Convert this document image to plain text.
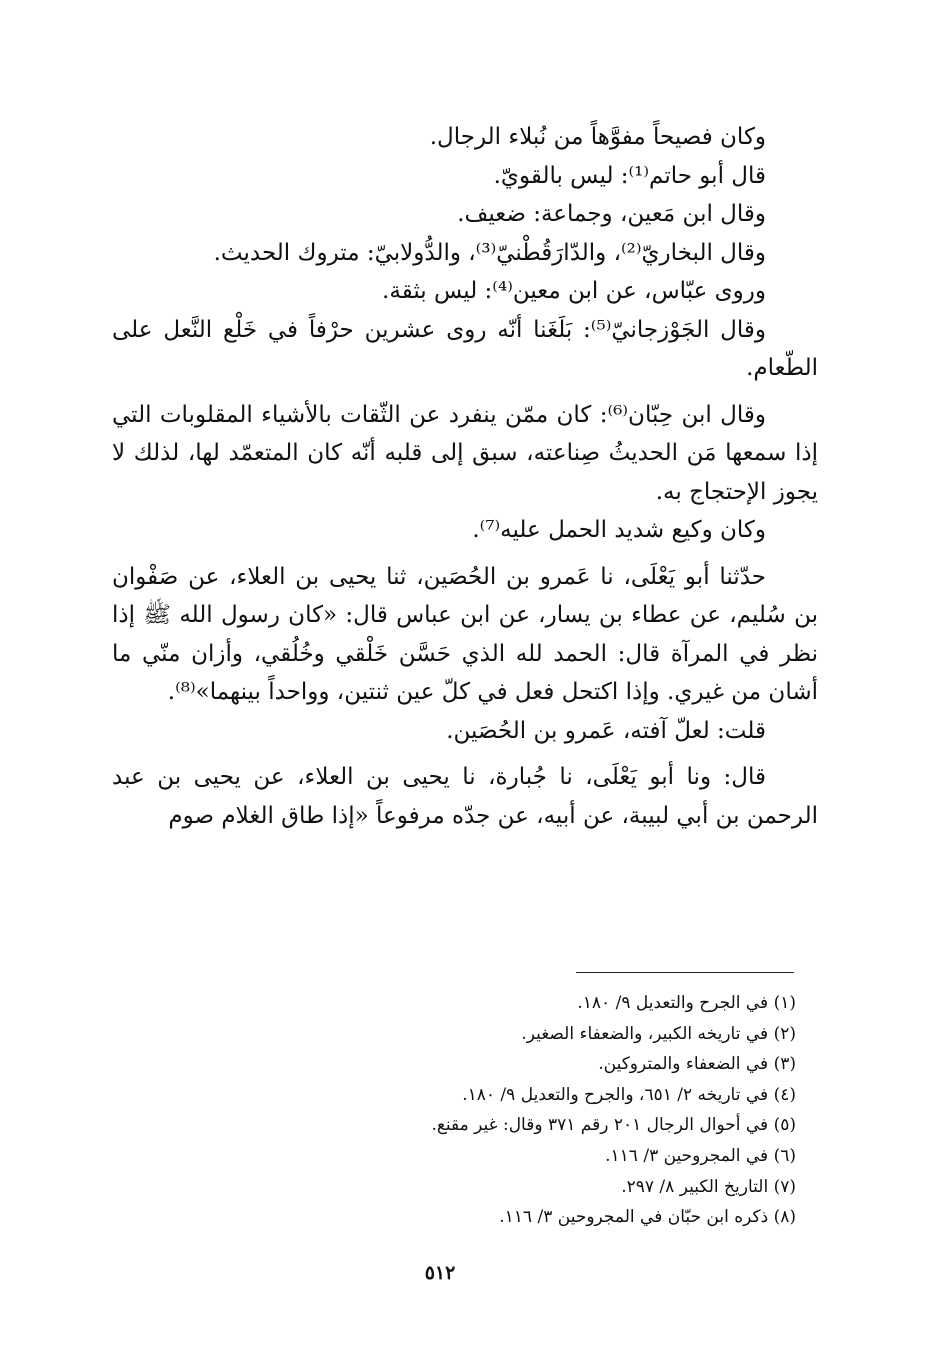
وكان فصيحاً مفوَّهاً من نُبلاء الرجال.

قال أبو حاتم⁽¹⁾: ليس بالقويّ.

وقال ابن مَعين، وجماعة: ضعيف.

وقال البخاريّ⁽²⁾، والدّارَقُطْنيّ⁽³⁾، والدُّولابيّ: متروك الحديث.

وروى عبّاس، عن ابن معين⁽⁴⁾: ليس بثقة.

وقال الجَوْزجانيّ⁽⁵⁾: بَلَغَنا أنّه روى عشرين حرْفاً في خَلْع النَّعل على الطّعام.

وقال ابن حِبّان⁽⁶⁾: كان ممّن ينفرد عن الثّقات بالأشياء المقلوبات التي إذا سمعها مَن الحديثُ صِناعته، سبق إلى قلبه أنّه كان المتعمّد لها، لذلك لا يجوز الإحتجاج به.

وكان وكيع شديد الحمل عليه⁽⁷⁾.

حدّثنا أبو يَعْلَى، نا عَمرو بن الحُصَين، ثنا يحيى بن العلاء، عن صَفْوان بن سُليم، عن عطاء بن يسار، عن ابن عباس قال: «كان رسول الله ﷺ إذا نظر في المرآة قال: الحمد لله الذي حَسَّن خَلْقي وخُلُقي، وأزان منّي ما أشان من غيري. وإذا اكتحل فعل في كلّ عين ثنتين، وواحداً بينهما»⁽⁸⁾.

قلت: لعلّ آفته، عَمرو بن الحُصَين.

قال: ونا أبو يَعْلَى، نا جُبارة، نا يحيى بن العلاء، عن يحيى بن عبد الرحمن بن أبي لبيبة، عن أبيه، عن جدّه مرفوعاً «إذا طاق الغلام صوم

(١) في الجرح والتعديل ٩/ ١٨٠.
(٢) في تاريخه الكبير، والضعفاء الصغير.
(٣) في الضعفاء والمتروكين.
(٤) في تاريخه ٢/ ٦٥١، والجرح والتعديل ٩/ ١٨٠.
(٥) في أحوال الرجال ٢٠١ رقم ٣٧١ وقال: غير مقنع.
(٦) في المجروحين ٣/ ١١٦.
(٧) التاريخ الكبير ٨/ ٢٩٧.
(٨) ذكره ابن حبّان في المجروحين ٣/ ١١٦.
٥١٢
